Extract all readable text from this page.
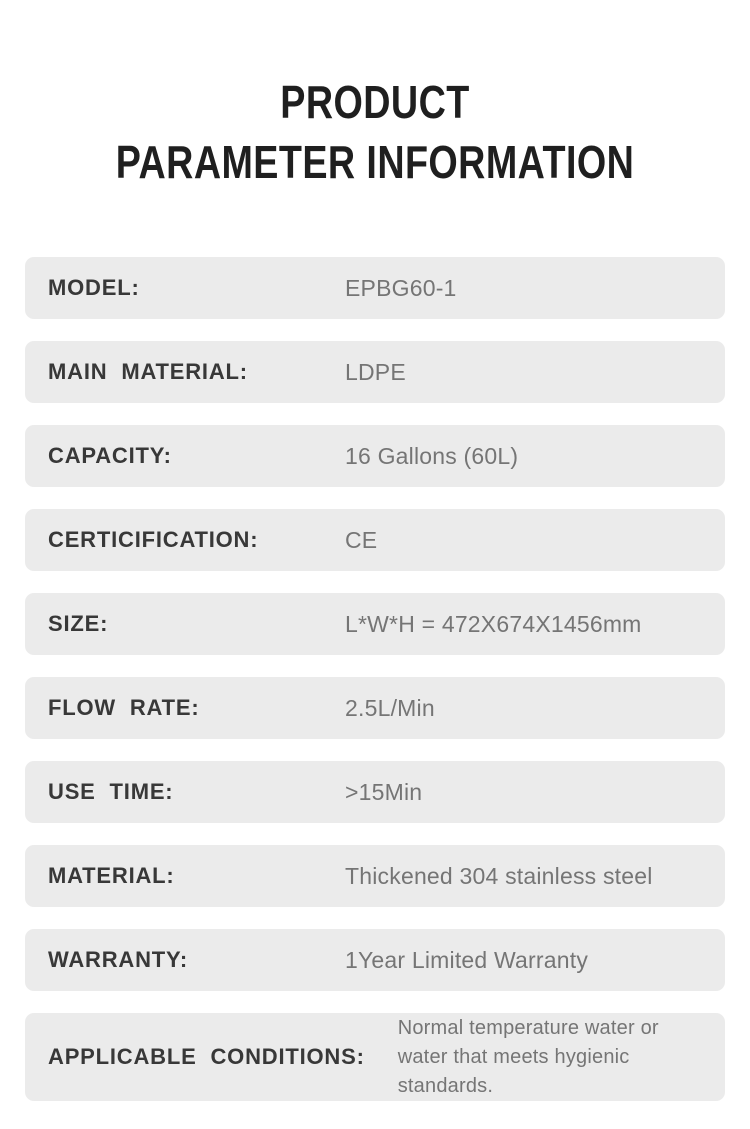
PRODUCT
PARAMETER INFORMATION
MODEL:	EPBG60-1
MAIN MATERIAL:	LDPE
CAPACITY:	16 Gallons (60L)
CERTICIFICATION:	CE
SIZE:	L*W*H = 472X674X1456mm
FLOW RATE:	2.5L/Min
USE TIME:	>15Min
MATERIAL:	Thickened 304 stainless steel
WARRANTY:	1Year Limited Warranty
APPLICABLE CONDITIONS:
Normal temperature water or water that meets hygienic standards.
